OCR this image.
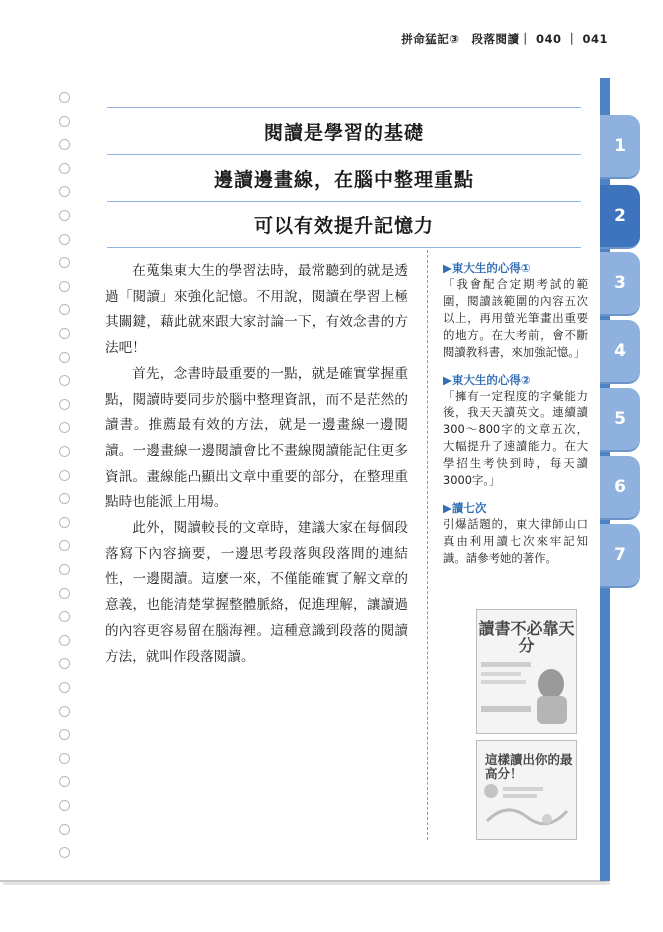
拼命猛記③　段落閱讀｜ 040 ｜ 041
閱讀是學習的基礎
邊讀邊畫線，在腦中整理重點
可以有效提升記憶力

在蒐集東大生的學習法時，最常聽到的就是透過「閱讀」來強化記憶。不用說，閱讀在學習上極其關鍵，藉此就來跟大家討論一下，有效念書的方法吧！

首先，念書時最重要的一點，就是確實掌握重點，閱讀時要同步於腦中整理資訊，而不是茫然的讀書。推薦最有效的方法，就是一邊畫線一邊閱讀。一邊畫線一邊閱讀會比不畫線閱讀能記住更多資訊。畫線能凸顯出文章中重要的部分，在整理重點時也能派上用場。

此外，閱讀較長的文章時，建議大家在每個段落寫下內容摘要，一邊思考段落與段落間的連結性，一邊閱讀。這麼一來，不僅能確實了解文章的意義，也能清楚掌握整體脈絡，促進理解，讓讀過的內容更容易留在腦海裡。這種意識到段落的閱讀方法，就叫作段落閱讀。

▶東大生的心得①
「我會配合定期考試的範圍，閱讀該範圍的內容五次以上，再用螢光筆畫出重要的地方。在大考前，會不斷閱讀教科書，來加強記憶。」
▶東大生的心得②
「擁有一定程度的字彙能力後，我天天讀英文。連續讀300～800字的文章五次，大幅提升了速讀能力。在大學招生考快到時，每天讀3000字。」
▶讀七次
引爆話題的，東大律師山口真由利用讀七次來牢記知識。請參考她的著作。
讀書不必靠天分
這樣讀出你的最高分！
1
2
3
4
5
6
7
